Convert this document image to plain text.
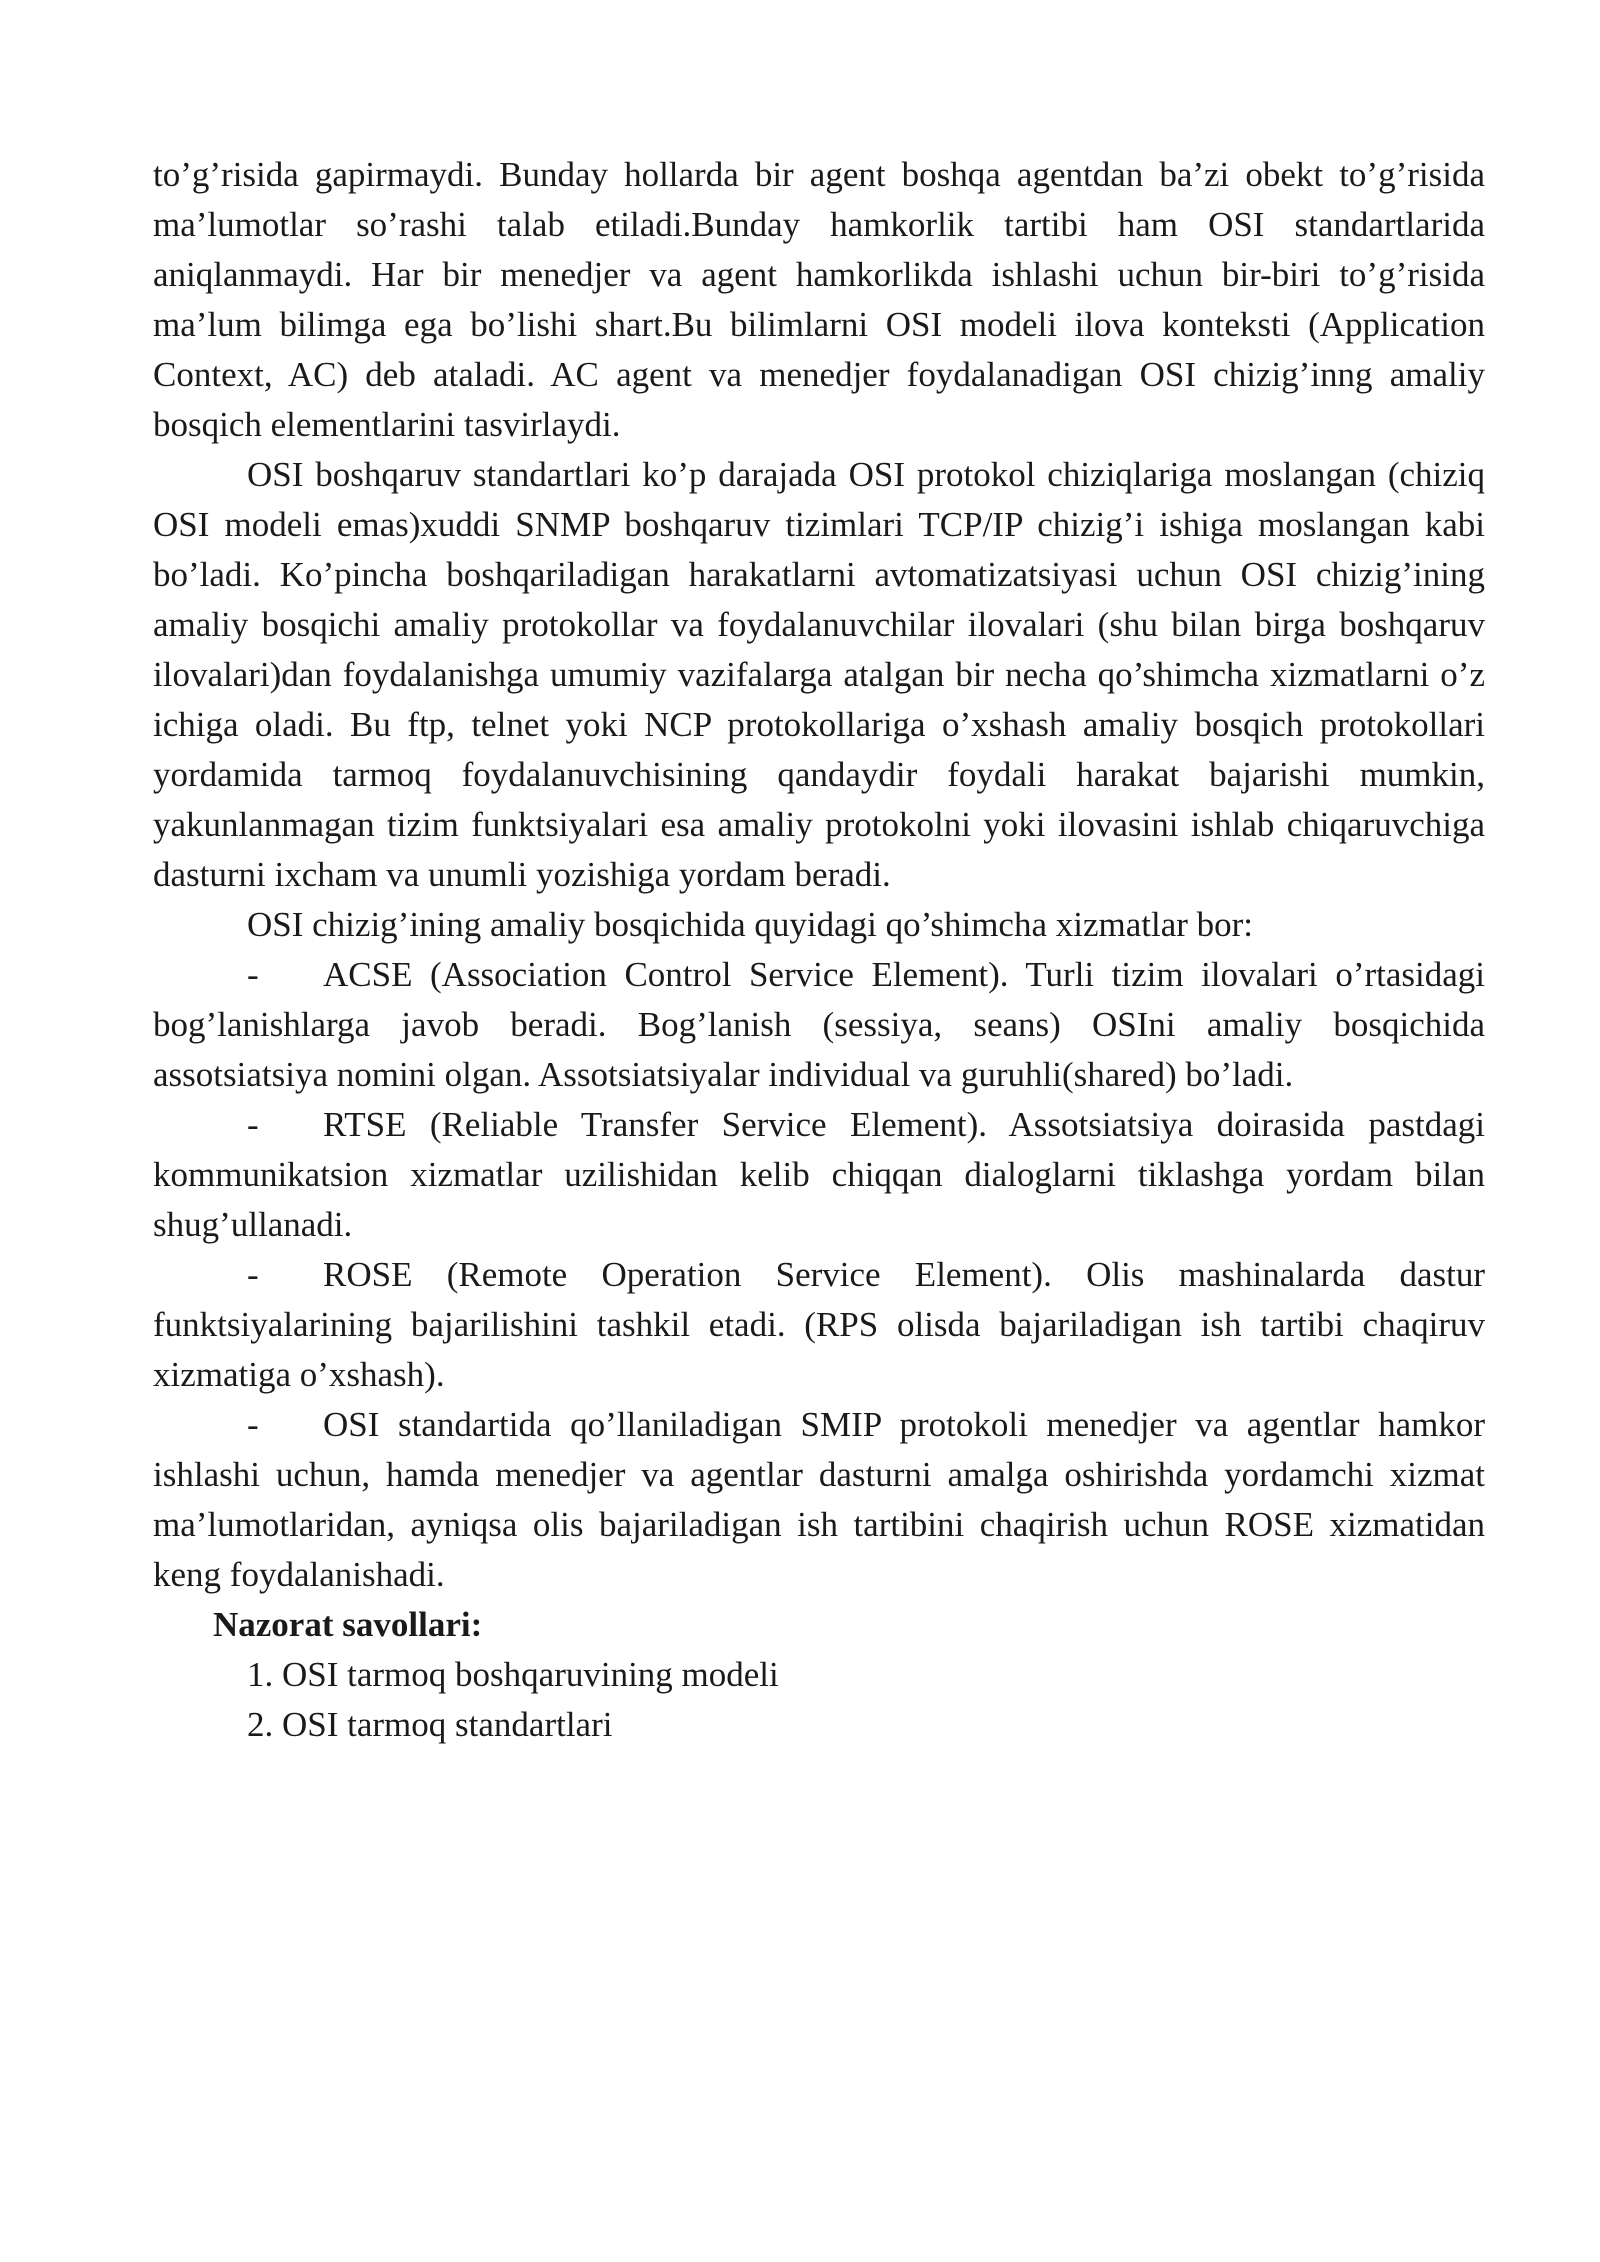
to’g’risida gapirmaydi. Bunday hollarda bir agent boshqa agentdan ba’zi obekt to’g’risida ma’lumotlar so’rashi talab etiladi.Bunday hamkorlik tartibi ham OSI standartlarida aniqlanmaydi. Har bir menedjer va agent hamkorlikda ishlashi uchun bir-biri to’g’risida ma’lum bilimga ega bo’lishi shart.Bu bilimlarni OSI modeli ilova konteksti (Application Context, AC) deb ataladi. AC agent va menedjer foydalanadigan OSI chizig’inng amaliy bosqich elementlarini tasvirlaydi.

OSI boshqaruv standartlari ko’p darajada OSI protokol chiziqlariga moslangan (chiziq OSI modeli emas)xuddi SNMP boshqaruv tizimlari TCP/IP chizig’i ishiga moslangan kabi bo’ladi. Ko’pincha boshqariladigan harakatlarni avtomatizatsiyasi uchun OSI chizig’ining amaliy bosqichi amaliy protokollar va foydalanuvchilar ilovalari (shu bilan birga boshqaruv ilovalari)dan foydalanishga umumiy vazifalarga atalgan bir necha qo’shimcha xizmatlarni o’z ichiga oladi. Bu ftp, telnet yoki NCP protokollariga o’xshash amaliy bosqich protokollari yordamida tarmoq foydalanuvchisining qandaydir foydali harakat bajarishi mumkin, yakunlanmagan tizim funktsiyalari esa amaliy protokolni yoki ilovasini ishlab chiqaruvchiga dasturni ixcham va unumli yozishiga yordam beradi.

OSI chizig’ining amaliy bosqichida quyidagi qo’shimcha xizmatlar bor:

- ACSE (Association Control Service Element). Turli tizim ilovalari o’rtasidagi bog’lanishlarga javob beradi. Bog’lanish (sessiya, seans) OSIni amaliy bosqichida assotsiatsiya nomini olgan. Assotsiatsiyalar individual va guruhli(shared) bo’ladi.

- RTSE (Reliable Transfer Service Element). Assotsiatsiya doirasida pastdagi kommunikatsion xizmatlar uzilishidan kelib chiqqan dialoglarni tiklashga yordam bilan shug’ullanadi.

- ROSE (Remote Operation Service Element). Olis mashinalarda dastur funktsiyalarining bajarilishini tashkil etadi. (RPS olisda bajariladigan ish tartibi chaqiruv xizmatiga o’xshash).

- OSI standartida qo’llaniladigan SMIP protokoli menedjer va agentlar hamkor ishlashi uchun, hamda menedjer va agentlar dasturni amalga oshirishda yordamchi xizmat ma’lumotlaridan, ayniqsa olis bajariladigan ish tartibini chaqirish uchun ROSE xizmatidan keng foydalanishadi.

Nazorat savollari:

1. OSI tarmoq boshqaruvining modeli
2. OSI tarmoq standartlari
